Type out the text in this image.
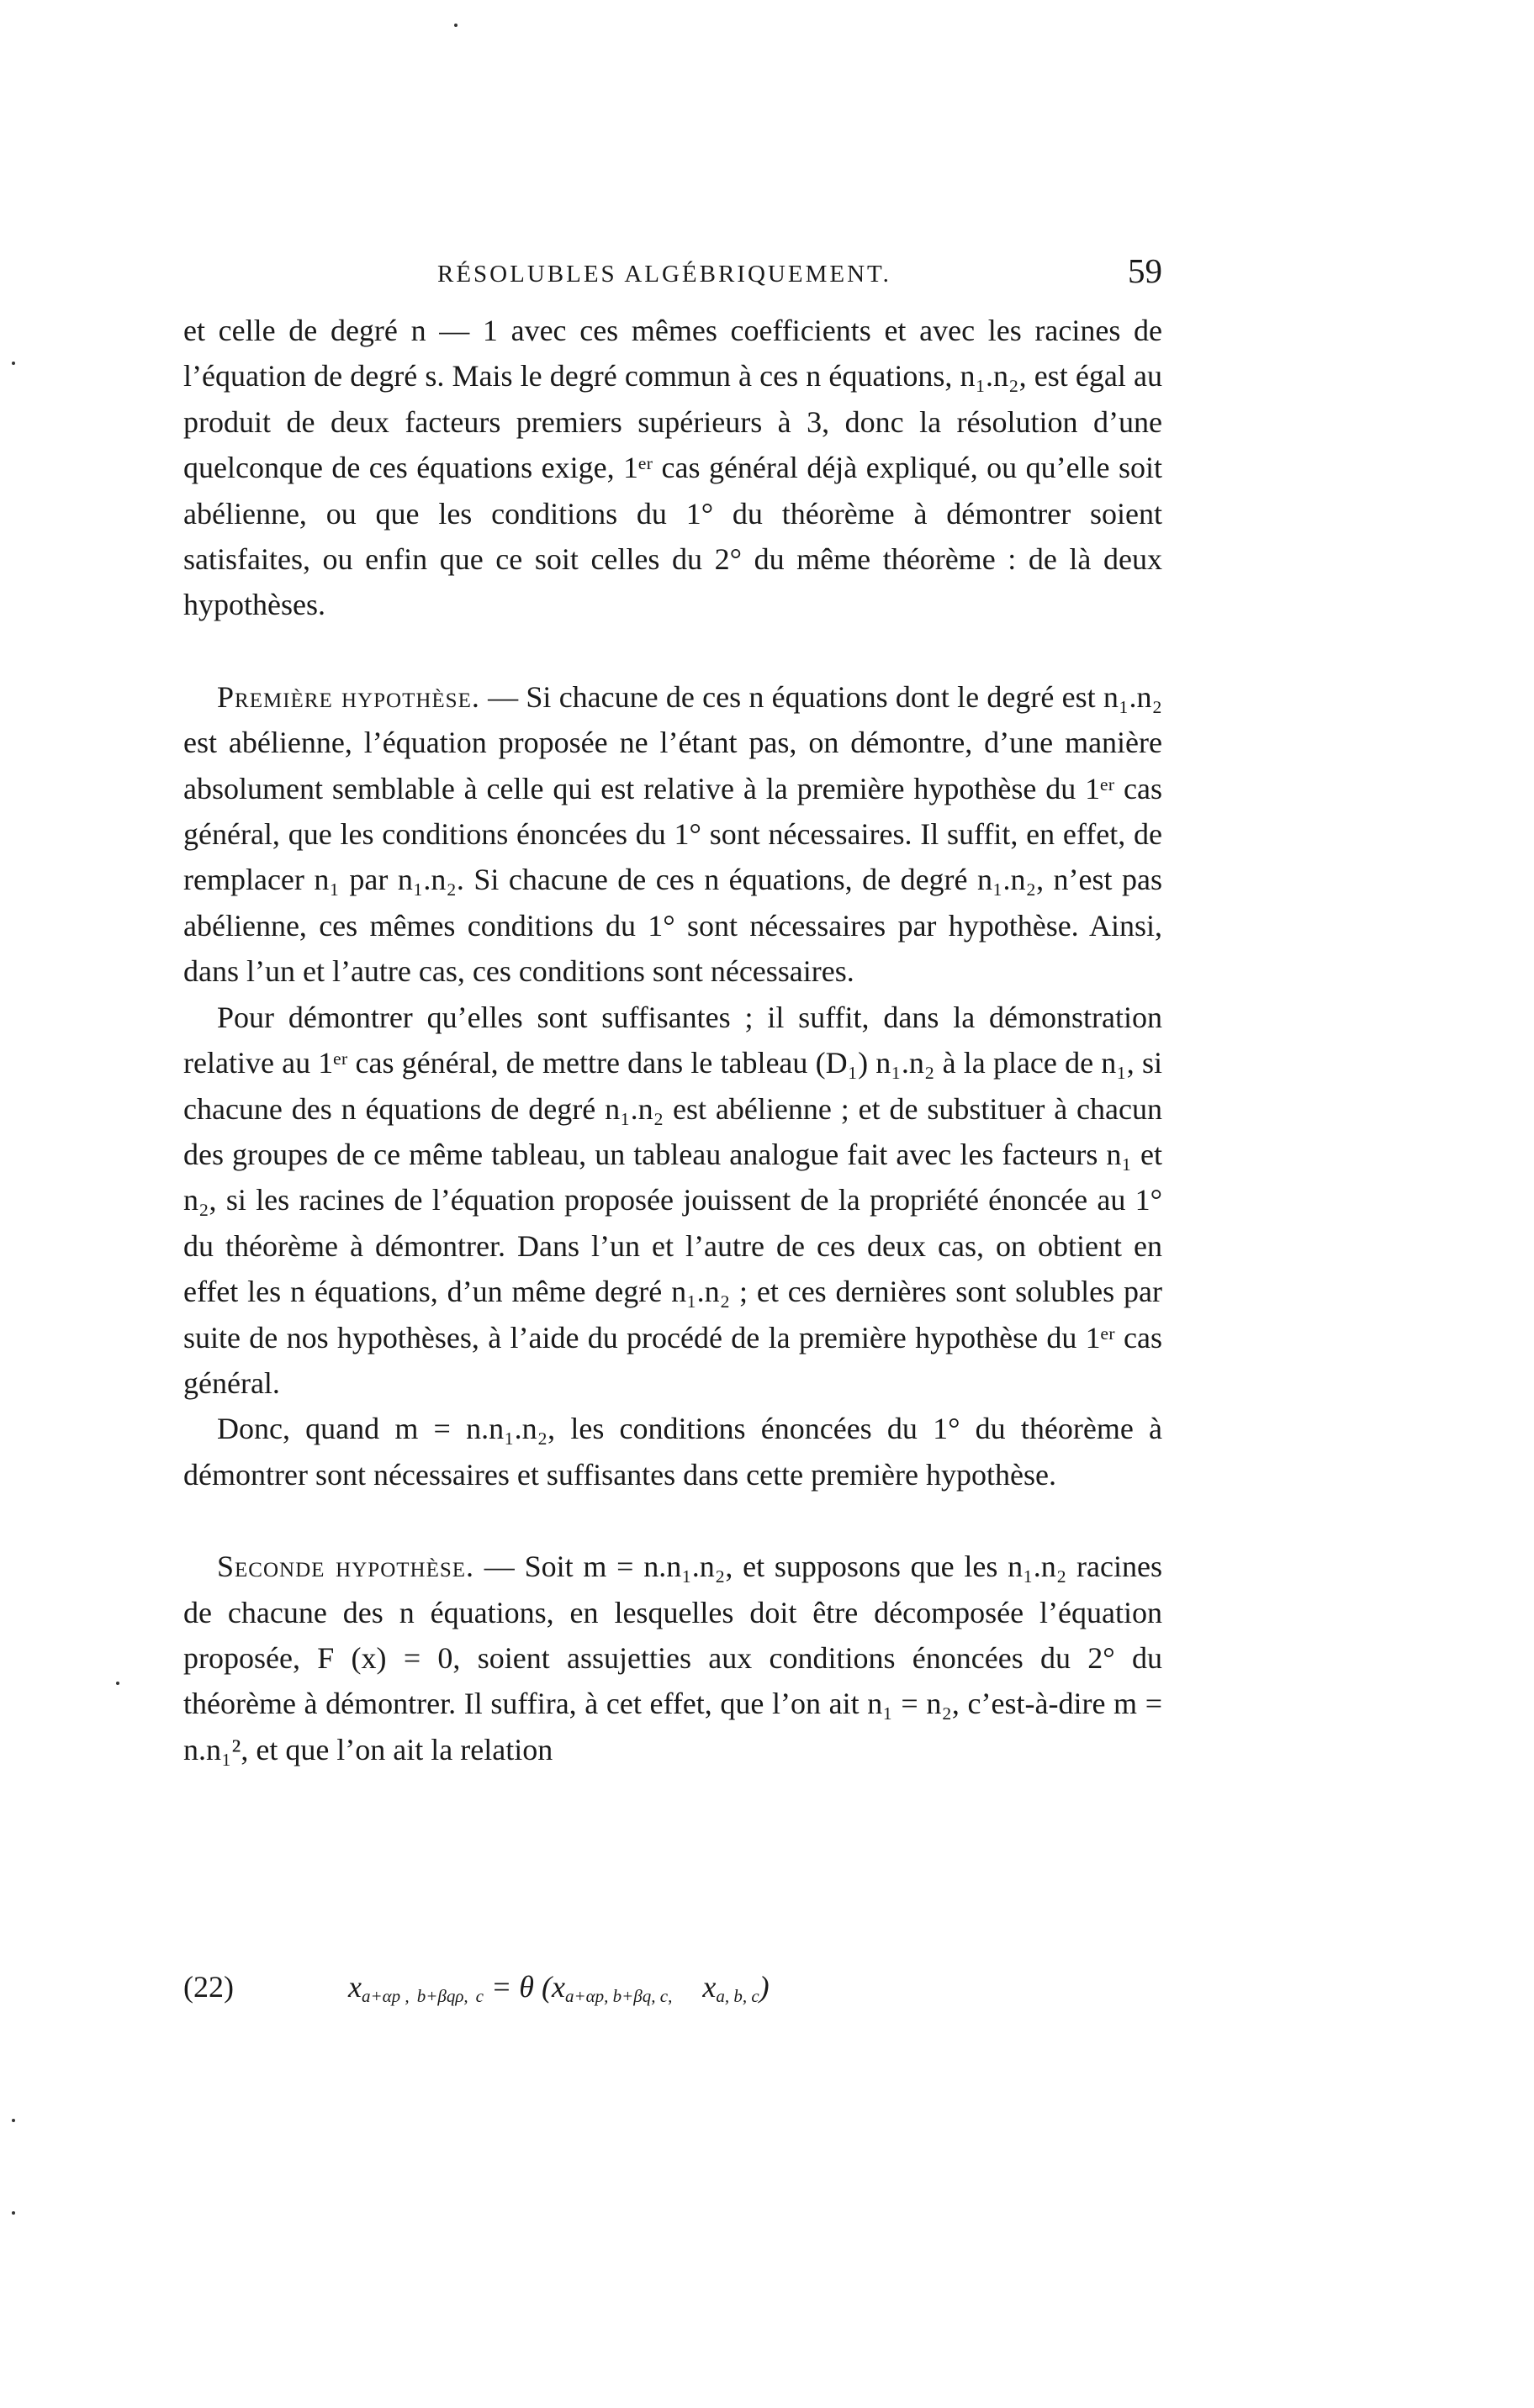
RÉSOLUBLES ALGÉBRIQUEMENT.	59

et celle de degré n — 1 avec ces mêmes coefficients et avec les racines de l’équation de degré s. Mais le degré commun à ces n équations, n₁.n₂, est égal au produit de deux facteurs premiers supérieurs à 3, donc la résolution d’une quelconque de ces équations exige, 1ᵉʳ cas général déjà expliqué, ou qu’elle soit abélienne, ou que les conditions du 1° du théorème à démontrer soient satisfaites, ou enfin que ce soit celles du 2° du même théorème : de là deux hypothèses.

Première hypothèse. — Si chacune de ces n équations dont le degré est n₁.n₂ est abélienne, l’équation proposée ne l’étant pas, on démontre, d’une manière absolument semblable à celle qui est relative à la première hypothèse du 1ᵉʳ cas général, que les conditions énoncées du 1° sont nécessaires. Il suffit, en effet, de remplacer n₁ par n₁.n₂. Si chacune de ces n équations, de degré n₁.n₂, n’est pas abélienne, ces mêmes conditions du 1° sont nécessaires par hypothèse. Ainsi, dans l’un et l’autre cas, ces conditions sont nécessaires.

Pour démontrer qu’elles sont suffisantes ; il suffit, dans la démonstration relative au 1ᵉʳ cas général, de mettre dans le tableau (D₁) n₁.n₂ à la place de n₁, si chacune des n équations de degré n₁.n₂ est abélienne ; et de substituer à chacun des groupes de ce même tableau, un tableau analogue fait avec les facteurs n₁ et n₂, si les racines de l’équation proposée jouissent de la propriété énoncée au 1° du théorème à démontrer. Dans l’un et l’autre de ces deux cas, on obtient en effet les n équations, d’un même degré n₁.n₂ ; et ces dernières sont solubles par suite de nos hypothèses, à l’aide du procédé de la première hypothèse du 1ᵉʳ cas général.

Donc, quand m = n.n₁.n₂, les conditions énoncées du 1° du théorème à démontrer sont nécessaires et suffisantes dans cette première hypothèse.

Seconde hypothèse. — Soit m = n.n₁.n₂, et supposons que les n₁.n₂ racines de chacune des n équations, en lesquelles doit être décomposée l’équation proposée, F (x) = 0, soient assujetties aux conditions énoncées du 2° du théorème à démontrer. Il suffira, à cet effet, que l’on ait n₁ = n₂, c’est-à-dire m = n.n₁², et que l’on ait la relation

(22)	$x_{a+\alpha p ,}$ $_{b+\beta q\rho,}$ $_c$ = θ ($x_{a+\alpha p, b+\beta q, c,}$ $x_{a, b, c}$)
